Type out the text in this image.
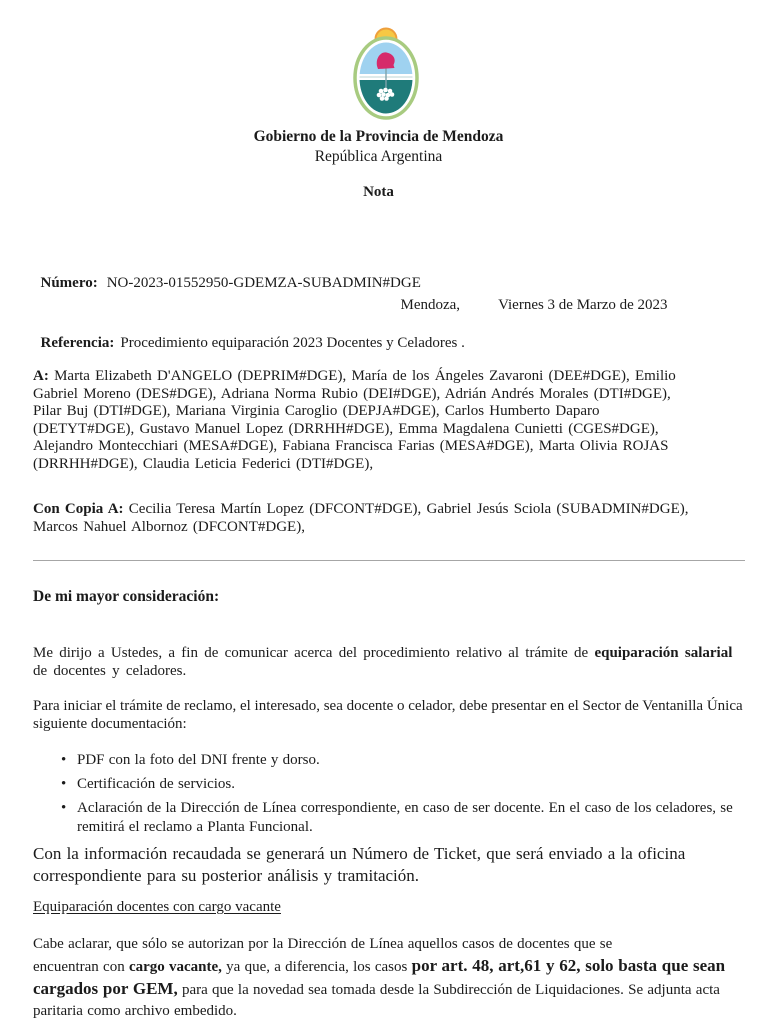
Gobierno de la Provincia de Mendoza
República Argentina
Nota

Número: NO-2023-01552950-GDEMZA-SUBADMIN#DGE

Mendoza,	Viernes 3 de Marzo de 2023

Referencia: Procedimiento equiparación 2023 Docentes y Celadores .

A: Marta Elizabeth D'ANGELO (DEPRIM#DGE), María de los Ángeles Zavaroni (DEE#DGE), Emilio
Gabriel Moreno (DES#DGE), Adriana Norma Rubio (DEI#DGE), Adrián Andrés Morales (DTI#DGE),
Pilar Buj (DTI#DGE), Mariana Virginia Caroglio (DEPJA#DGE), Carlos Humberto Daparo
(DETYT#DGE), Gustavo Manuel Lopez (DRRHH#DGE), Emma Magdalena Cunietti (CGES#DGE),
Alejandro Montecchiari (MESA#DGE), Fabiana Francisca Farias (MESA#DGE), Marta Olivia ROJAS
(DRRHH#DGE), Claudia Leticia Federici (DTI#DGE),
Con Copia A: Cecilia Teresa Martín Lopez (DFCONT#DGE), Gabriel Jesús Sciola (SUBADMIN#DGE),
Marcos Nahuel Albornoz (DFCONT#DGE),
De mi mayor consideración:
Me dirijo a Ustedes, a fin de comunicar acerca del procedimiento relativo al trámite de equiparación salarial
de docentes y celadores.
Para iniciar el trámite de reclamo, el interesado, sea docente o celador, debe presentar en el Sector de Ventanilla Única
siguiente documentación:
• PDF con la foto del DNI frente y dorso.
• Certificación de servicios.
• Aclaración de la Dirección de Línea correspondiente, en caso de ser docente. En el caso de los celadores, se
remitirá el reclamo a Planta Funcional.
Con la información recaudada se generará un Número de Ticket, que será enviado a la oficina
correspondiente para su posterior análisis y tramitación.
Equiparación docentes con cargo vacante
Cabe aclarar, que sólo se autorizan por la Dirección de Línea aquellos casos de docentes que se
encuentran con cargo vacante, ya que, a diferencia, los casos por art. 48, art,61 y 62, solo basta que sean
cargados por GEM, para que la novedad sea tomada desde la Subdirección de Liquidaciones. Se adjunta acta
paritaria como archivo embedido.
